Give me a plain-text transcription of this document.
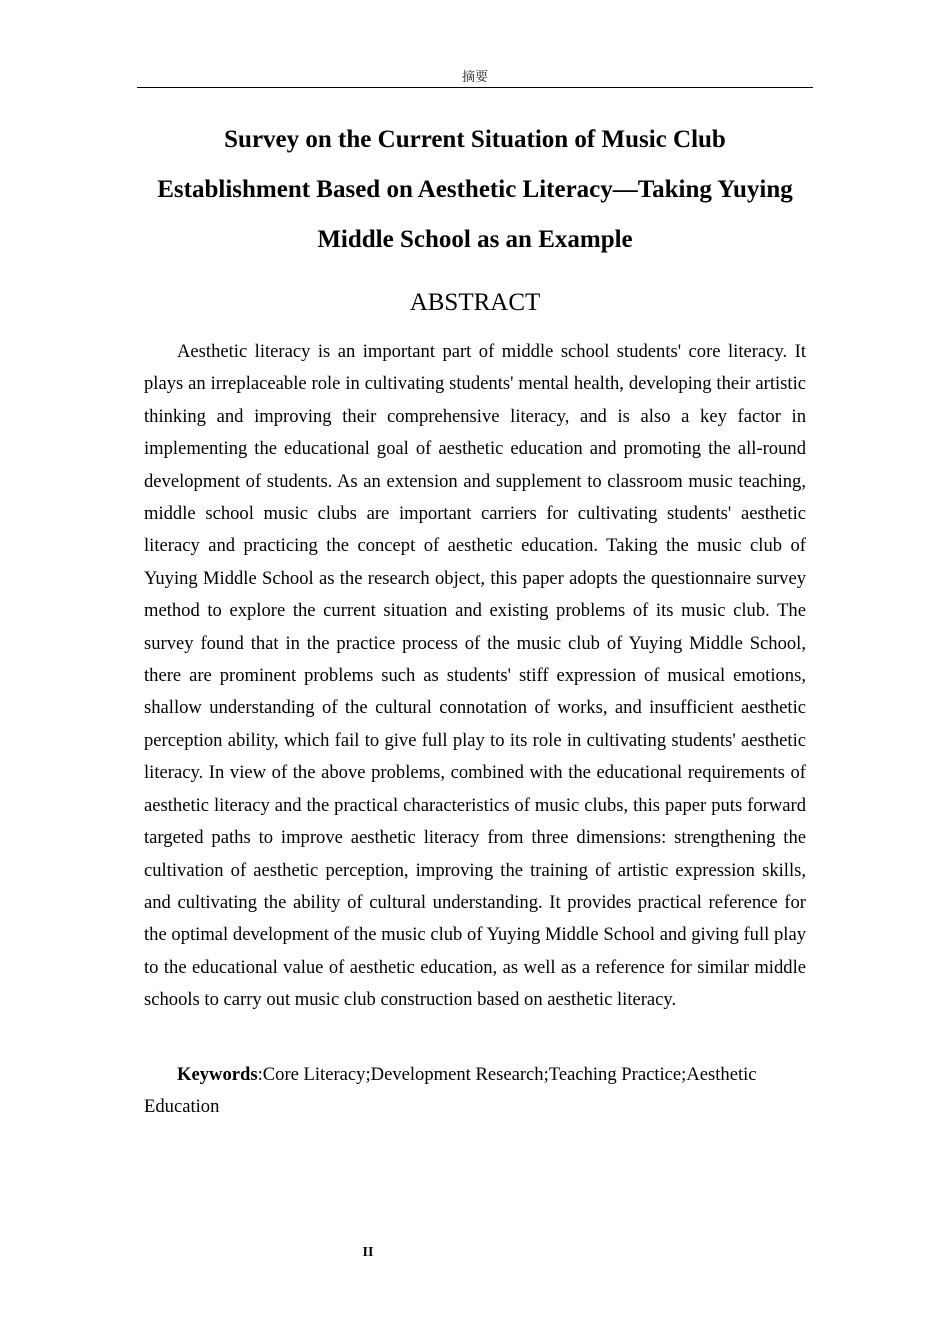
摘要
Survey on the Current Situation of Music Club
Establishment Based on Aesthetic Literacy—Taking Yuying
Middle School as an Example
ABSTRACT

Aesthetic literacy is an important part of middle school students' core literacy. It plays an irreplaceable role in cultivating students' mental health, developing their artistic thinking and improving their comprehensive literacy, and is also a key factor in implementing the educational goal of aesthetic education and promoting the all-round development of students. As an extension and supplement to classroom music teaching, middle school music clubs are important carriers for cultivating students' aesthetic literacy and practicing the concept of aesthetic education. Taking the music club of Yuying Middle School as the research object, this paper adopts the questionnaire survey method to explore the current situation and existing problems of its music club. The survey found that in the practice process of the music club of Yuying Middle School, there are prominent problems such as students' stiff expression of musical emotions, shallow understanding of the cultural connotation of works, and insufficient aesthetic perception ability, which fail to give full play to its role in cultivating students' aesthetic literacy. In view of the above problems, combined with the educational requirements of aesthetic literacy and the practical characteristics of music clubs, this paper puts forward targeted paths to improve aesthetic literacy from three dimensions: strengthening the cultivation of aesthetic perception, improving the training of artistic expression skills, and cultivating the ability of cultural understanding. It provides practical reference for the optimal development of the music club of Yuying Middle School and giving full play to the educational value of aesthetic education, as well as a reference for similar middle schools to carry out music club construction based on aesthetic literacy.

Keywords:Core Literacy;Development Research;Teaching Practice;Aesthetic Education

II
